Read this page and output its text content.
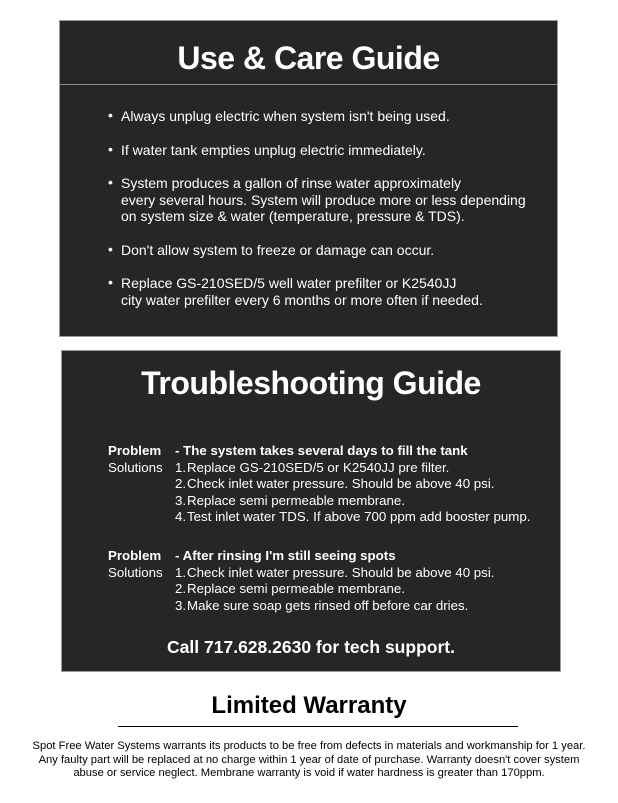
Use & Care Guide
• Always unplug electric when system isn't being used.
• If water tank empties unplug electric immediately.
• System produces a gallon of rinse water approximately
every several hours. System will produce more or less depending
on system size & water (temperature, pressure & TDS).
• Don't allow system to freeze or damage can occur.
• Replace GS-210SED/5 well water prefilter or K2540JJ
city water prefilter every 6 months or more often if needed.
Troubleshooting Guide
Problem	- The system takes several days to fill the tank
Solutions 1. Replace GS-210SED/5 or K2540JJ pre filter.
2. Check inlet water pressure. Should be above 40 psi.
3. Replace semi permeable membrane.
4. Test inlet water TDS. If above 700 ppm add booster pump.
Problem	- After rinsing I'm still seeing spots
Solutions 1. Check inlet water pressure. Should be above 40 psi.
2. Replace semi permeable membrane.
3. Make sure soap gets rinsed off before car dries.
Call 717.628.2630 for tech support.
Limited Warranty
Spot Free Water Systems warrants its products to be free from defects in materials and workmanship for 1 year.
Any faulty part will be replaced at no charge within 1 year of date of purchase. Warranty doesn't cover system
abuse or service neglect. Membrane warranty is void if water hardness is greater than 170ppm.
